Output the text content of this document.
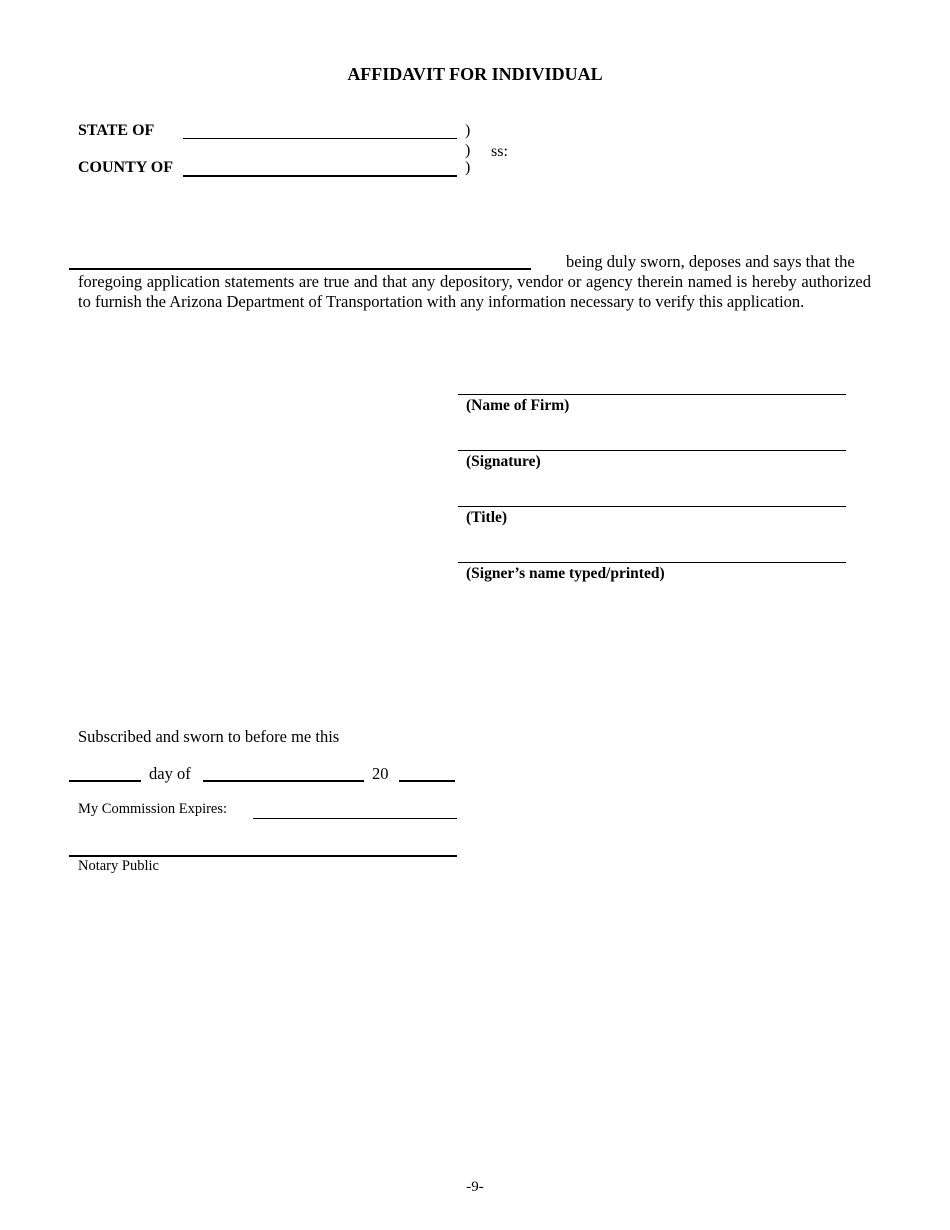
AFFIDAVIT FOR INDIVIDUAL
STATE OF	)
) ss:
COUNTY OF	)
being duly sworn, deposes and says that the
foregoing application statements are true and that any depository, vendor or agency therein named is hereby authorized to furnish the Arizona Department of Transportation with any information necessary to verify this application.
(Name of Firm)
(Signature)
(Title)
(Signer’s name typed/printed)
Subscribed and sworn to before me this
day of	20
My Commission Expires:
Notary Public
-9-
